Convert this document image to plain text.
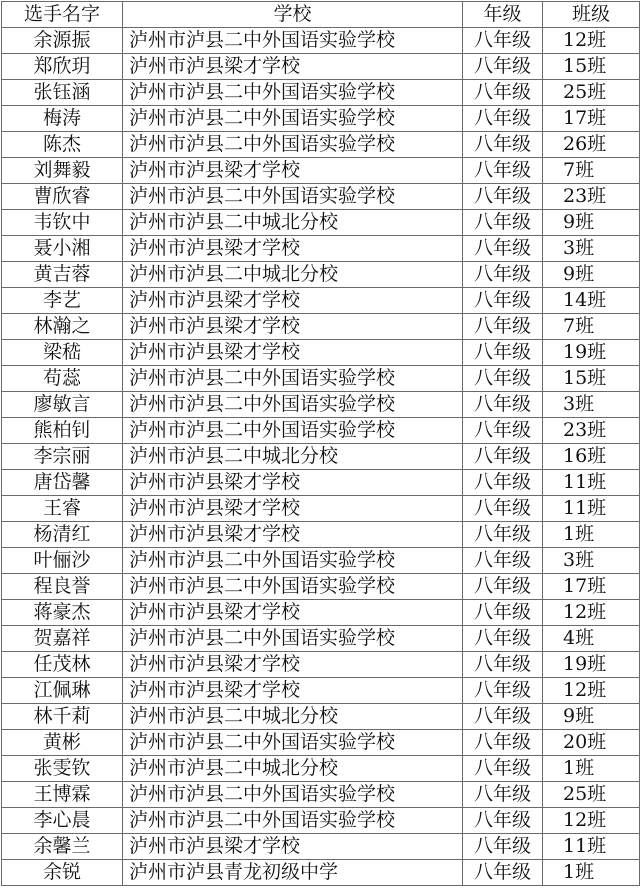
选手名字	学校	年级	班级
余源振	泸州市泸县二中外国语实验学校	八年级	12班
郑欣玥	泸州市泸县梁才学校	八年级	15班
张钰涵	泸州市泸县二中外国语实验学校	八年级	25班
梅涛	泸州市泸县二中外国语实验学校	八年级	17班
陈杰	泸州市泸县二中外国语实验学校	八年级	26班
刘舞毅	泸州市泸县梁才学校	八年级	7班
曹欣睿	泸州市泸县二中外国语实验学校	八年级	23班
韦钦中	泸州市泸县二中城北分校	八年级	9班
聂小湘	泸州市泸县梁才学校	八年级	3班
黄吉蓉	泸州市泸县二中城北分校	八年级	9班
李艺	泸州市泸县梁才学校	八年级	14班
林瀚之	泸州市泸县梁才学校	八年级	7班
梁嵇	泸州市泸县梁才学校	八年级	19班
苟蕊	泸州市泸县二中外国语实验学校	八年级	15班
廖敏言	泸州市泸县二中外国语实验学校	八年级	3班
熊柏钊	泸州市泸县二中外国语实验学校	八年级	23班
李宗丽	泸州市泸县二中城北分校	八年级	16班
唐岱馨	泸州市泸县梁才学校	八年级	11班
王睿	泸州市泸县梁才学校	八年级	11班
杨清红	泸州市泸县梁才学校	八年级	1班
叶俪沙	泸州市泸县二中外国语实验学校	八年级	3班
程良誉	泸州市泸县二中外国语实验学校	八年级	17班
蒋豪杰	泸州市泸县梁才学校	八年级	12班
贺嘉祥	泸州市泸县二中外国语实验学校	八年级	4班
任茂林	泸州市泸县梁才学校	八年级	19班
江佩琳	泸州市泸县梁才学校	八年级	12班
林千莉	泸州市泸县二中城北分校	八年级	9班
黄彬	泸州市泸县二中外国语实验学校	八年级	20班
张雯钦	泸州市泸县二中城北分校	八年级	1班
王博霖	泸州市泸县二中外国语实验学校	八年级	25班
李心晨	泸州市泸县二中外国语实验学校	八年级	12班
余馨兰	泸州市泸县梁才学校	八年级	11班
余锐	泸州市泸县青龙初级中学	八年级	1班
